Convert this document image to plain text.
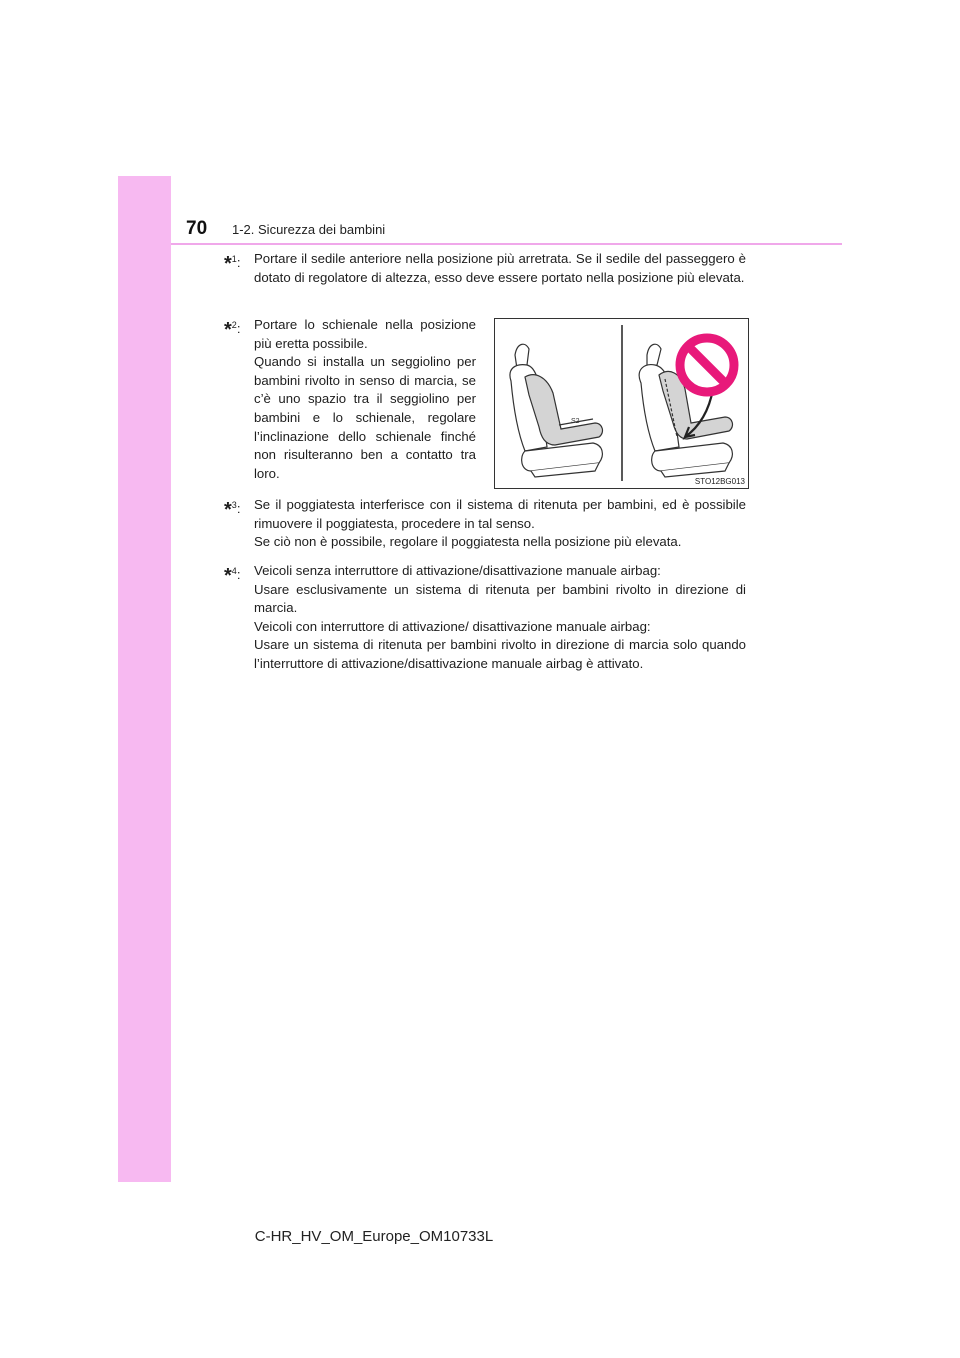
70 1-2. Sicurezza dei bambini
*$^1$: Portare il sedile anteriore nella posizione più arretrata. Se il sedile del passeggero è dotato di regolatore di altezza, esso deve essere portato nella posizione più elevata.

*$^2$: Portare lo schienale nella posizione più eretta possibile.

Quando si installa un seggiolino per bambini rivolto in senso di marcia, se c’è uno spazio tra il seggiolino per bambini e lo schienale, regolare l’inclinazione dello schienale finché non risulteranno ben a contatto tra loro.

S2
STO12BG013
*$^3$: Se il poggiatesta interferisce con il sistema di ritenuta per bambini, ed è possibile rimuovere il poggiatesta, procedere in tal senso.

Se ciò non è possibile, regolare il poggiatesta nella posizione più elevata.

*$^4$: Veicoli senza interruttore di attivazione/disattivazione manuale airbag:

Usare esclusivamente un sistema di ritenuta per bambini rivolto in direzione di marcia.

Veicoli con interruttore di attivazione/ disattivazione manuale airbag:

Usare un sistema di ritenuta per bambini rivolto in direzione di marcia solo quando l’interruttore di attivazione/disattivazione manuale airbag è attivato.

C-HR_HV_OM_Europe_OM10733L
